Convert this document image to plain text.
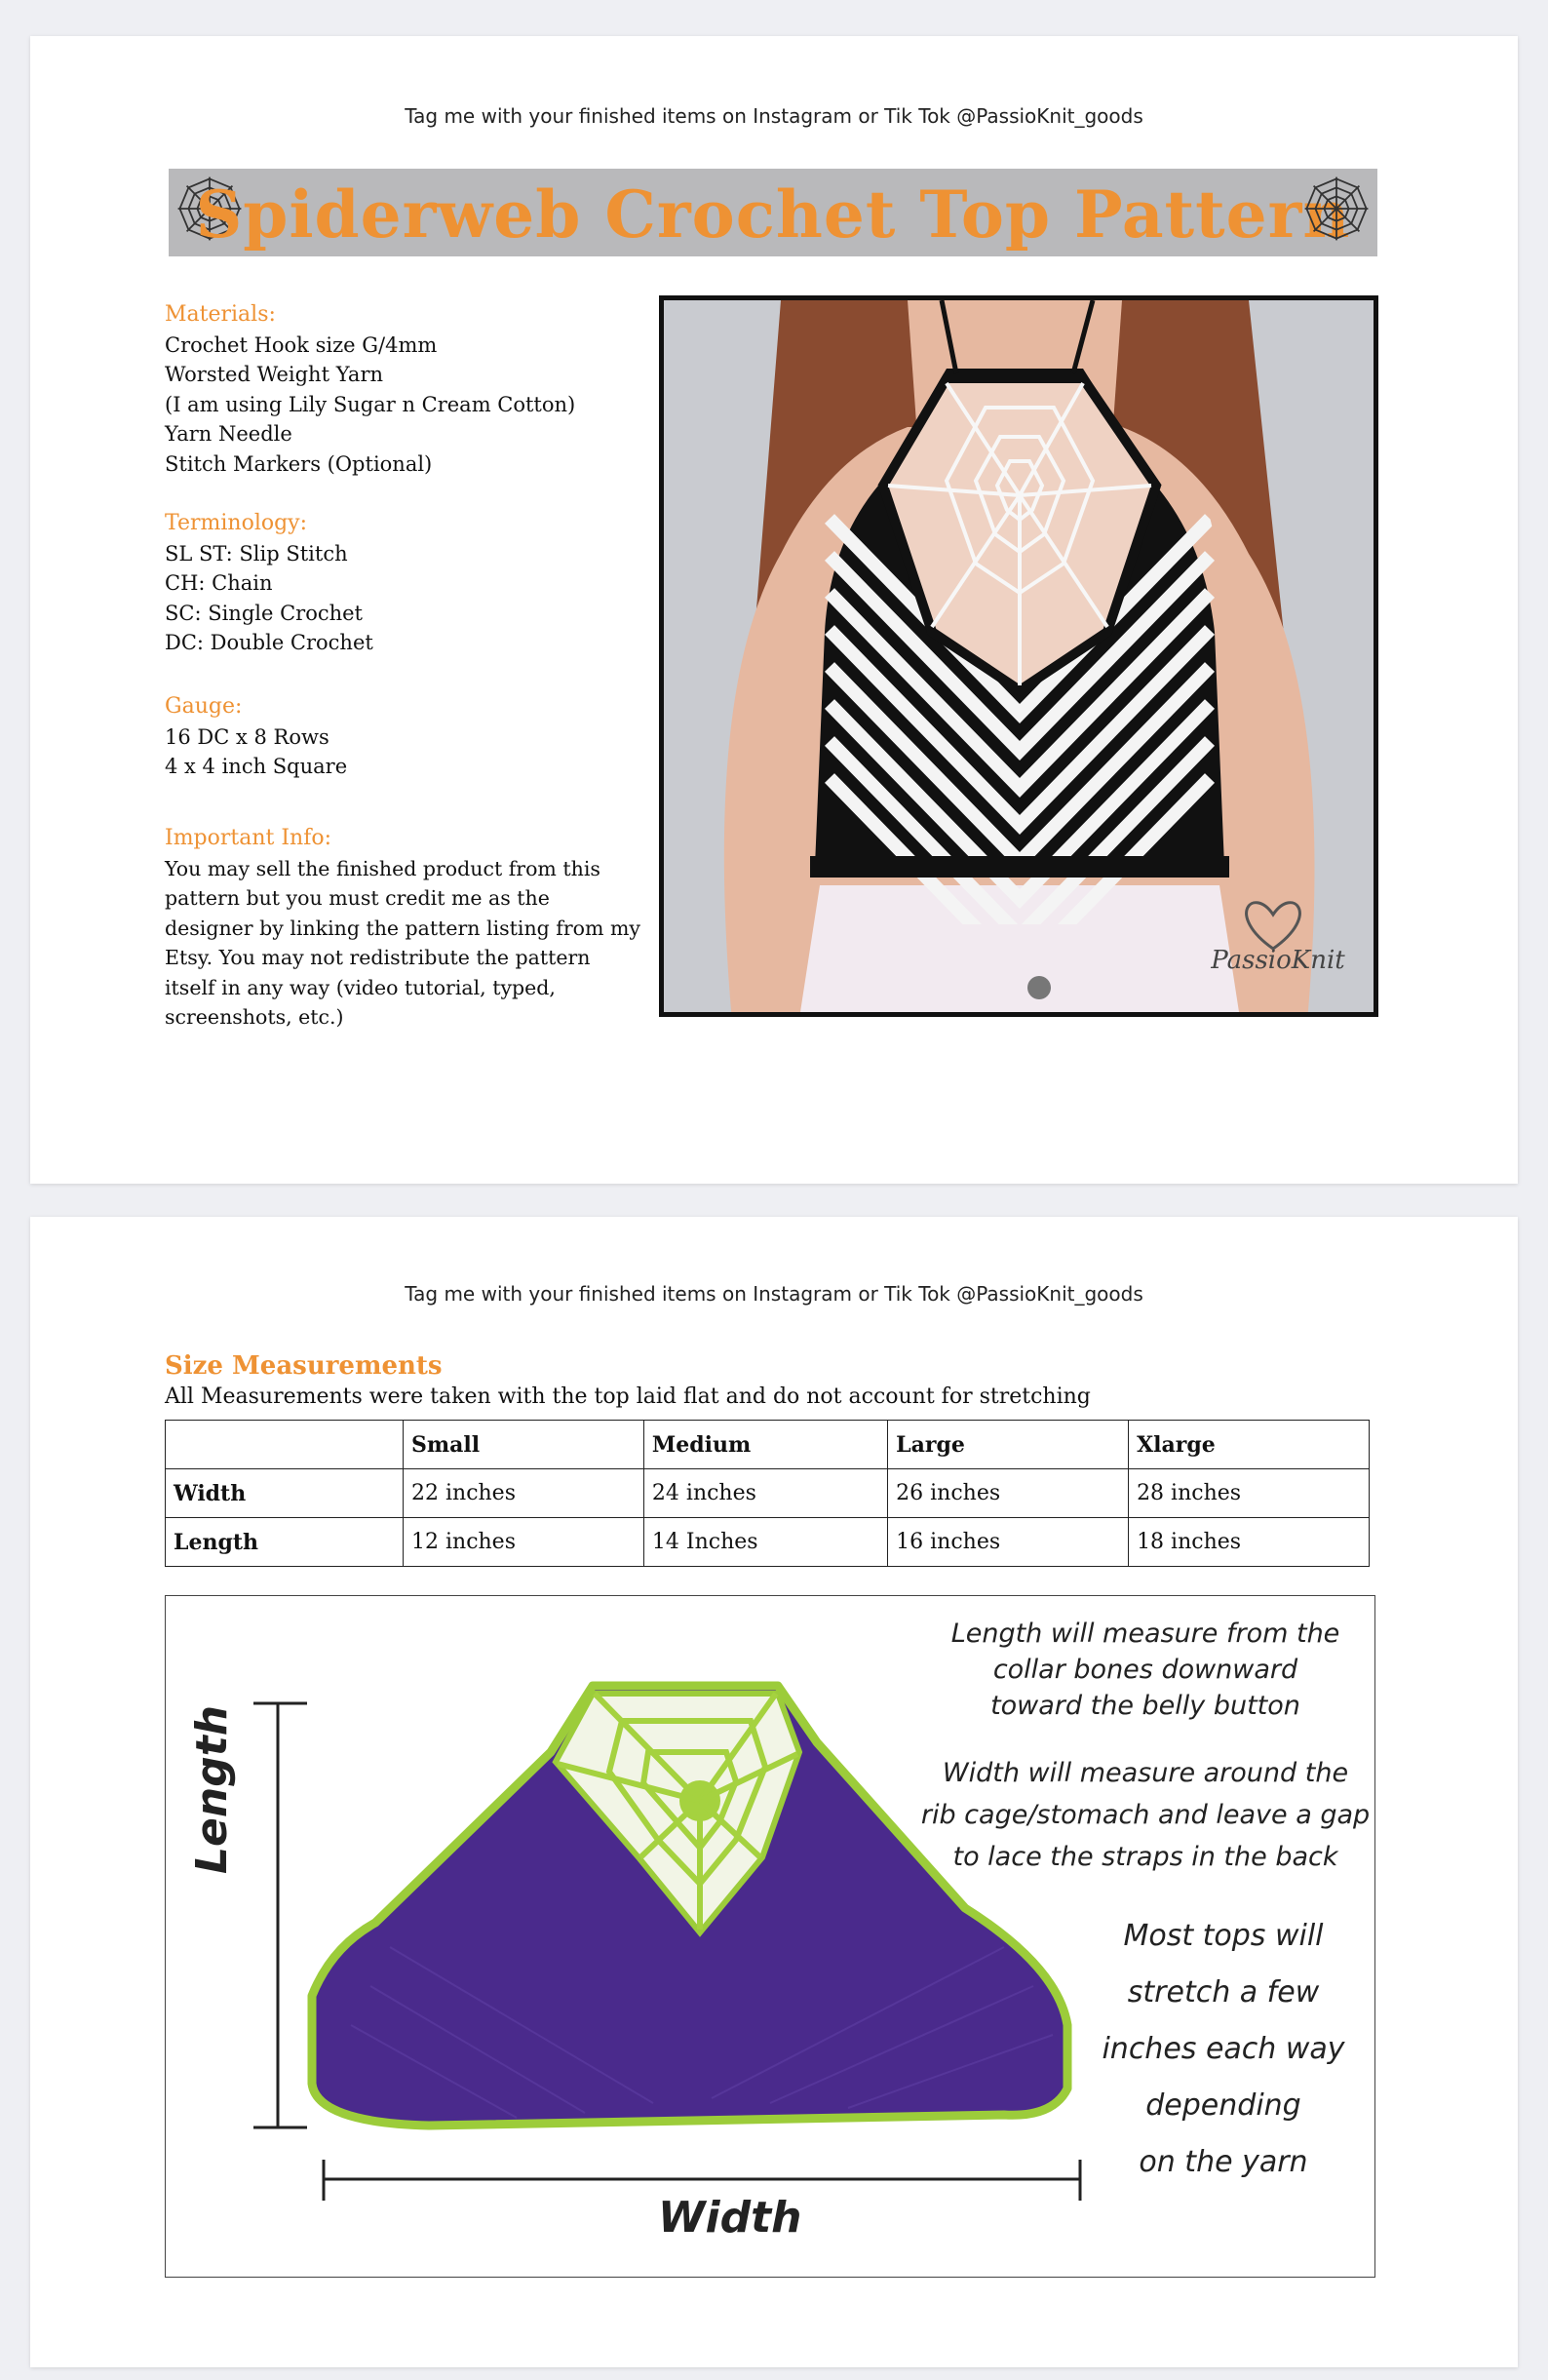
Tag me with your finished items on Instagram or Tik Tok @PassioKnit_goods
Spiderweb Crochet Top Pattern
Materials:
Crochet Hook size G/4mm
Worsted Weight Yarn
(I am using Lily Sugar n Cream Cotton)
Yarn Needle
Stitch Markers (Optional)
Terminology:
SL ST: Slip Stitch
CH: Chain
SC: Single Crochet
DC: Double Crochet
Gauge:
16 DC x 8 Rows
4 x 4 inch Square
Important Info:
You may sell the finished product from this pattern but you must credit me as the designer by linking the pattern listing from my Etsy. You may not redistribute the pattern itself in any way (video tutorial, typed, screenshots, etc.)
PassioKnit
Tag me with your finished items on Instagram or Tik Tok @PassioKnit_goods
Size Measurements
All Measurements were taken with the top laid flat and do not account for stretching
	Small	Medium	Large	Xlarge
Width	22 inches	24 inches	26 inches	28 inches
Length	12 inches	14 Inches	16 inches	18 inches
Length
Width
Length will measure from the
collar bones downward
toward the belly button
Width will measure around the
rib cage/stomach and leave a gap
to lace the straps in the back
Most tops will
stretch a few
inches each way
depending
on the yarn
